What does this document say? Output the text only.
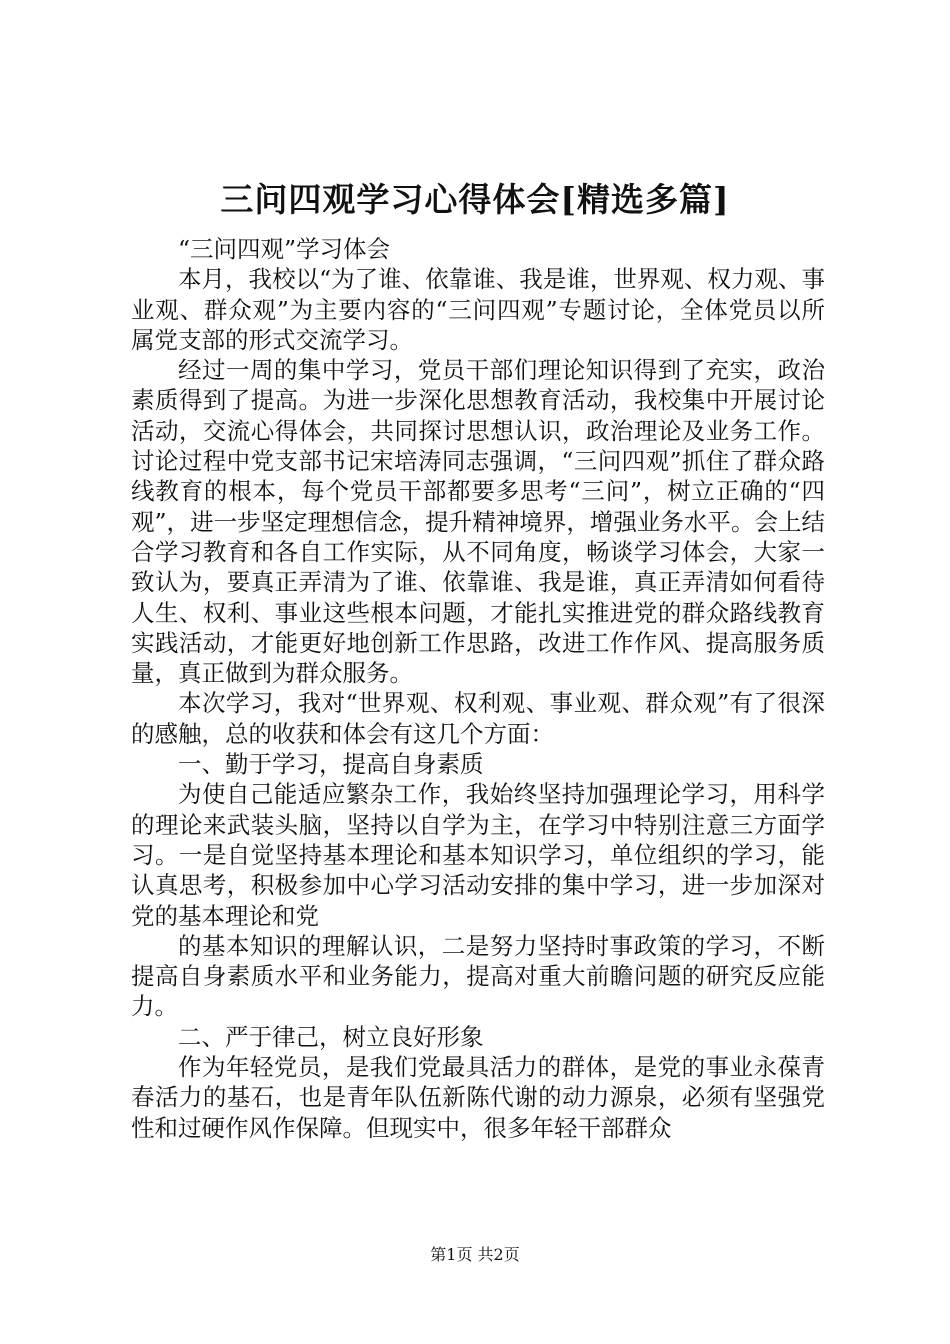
三问四观学习心得体会[精选多篇]

“三问四观”学习体会

本月，我校以“为了谁、依靠谁、我是谁，世界观、权力观、事业观、群众观”为主要内容的“三问四观”专题讨论，全体党员以所属党支部的形式交流学习。

经过一周的集中学习，党员干部们理论知识得到了充实，政治素质得到了提高。为进一步深化思想教育活动，我校集中开展讨论活动，交流心得体会，共同探讨思想认识，政治理论及业务工作。讨论过程中党支部书记宋培涛同志强调，“三问四观”抓住了群众路线教育的根本，每个党员干部都要多思考“三问”，树立正确的“四观”，进一步坚定理想信念，提升精神境界，增强业务水平。会上结合学习教育和各自工作实际，从不同角度，畅谈学习体会，大家一致认为，要真正弄清为了谁、依靠谁、我是谁，真正弄清如何看待人生、权利、事业这些根本问题，才能扎实推进党的群众路线教育实践活动，才能更好地创新工作思路，改进工作作风、提高服务质量，真正做到为群众服务。

本次学习，我对“世界观、权利观、事业观、群众观”有了很深的感触，总的收获和体会有这几个方面：

一、勤于学习，提高自身素质

为使自己能适应繁杂工作，我始终坚持加强理论学习，用科学的理论来武装头脑，坚持以自学为主，在学习中特别注意三方面学习。一是自觉坚持基本理论和基本知识学习，单位组织的学习，能认真思考，积极参加中心学习活动安排的集中学习，进一步加深对党的基本理论和党

的基本知识的理解认识，二是努力坚持时事政策的学习，不断提高自身素质水平和业务能力，提高对重大前瞻问题的研究反应能力。

二、严于律己，树立良好形象

作为年轻党员，是我们党最具活力的群体，是党的事业永葆青春活力的基石，也是青年队伍新陈代谢的动力源泉，必须有坚强党性和过硬作风作保障。但现实中，很多年轻干部群众

第1页 共2页
